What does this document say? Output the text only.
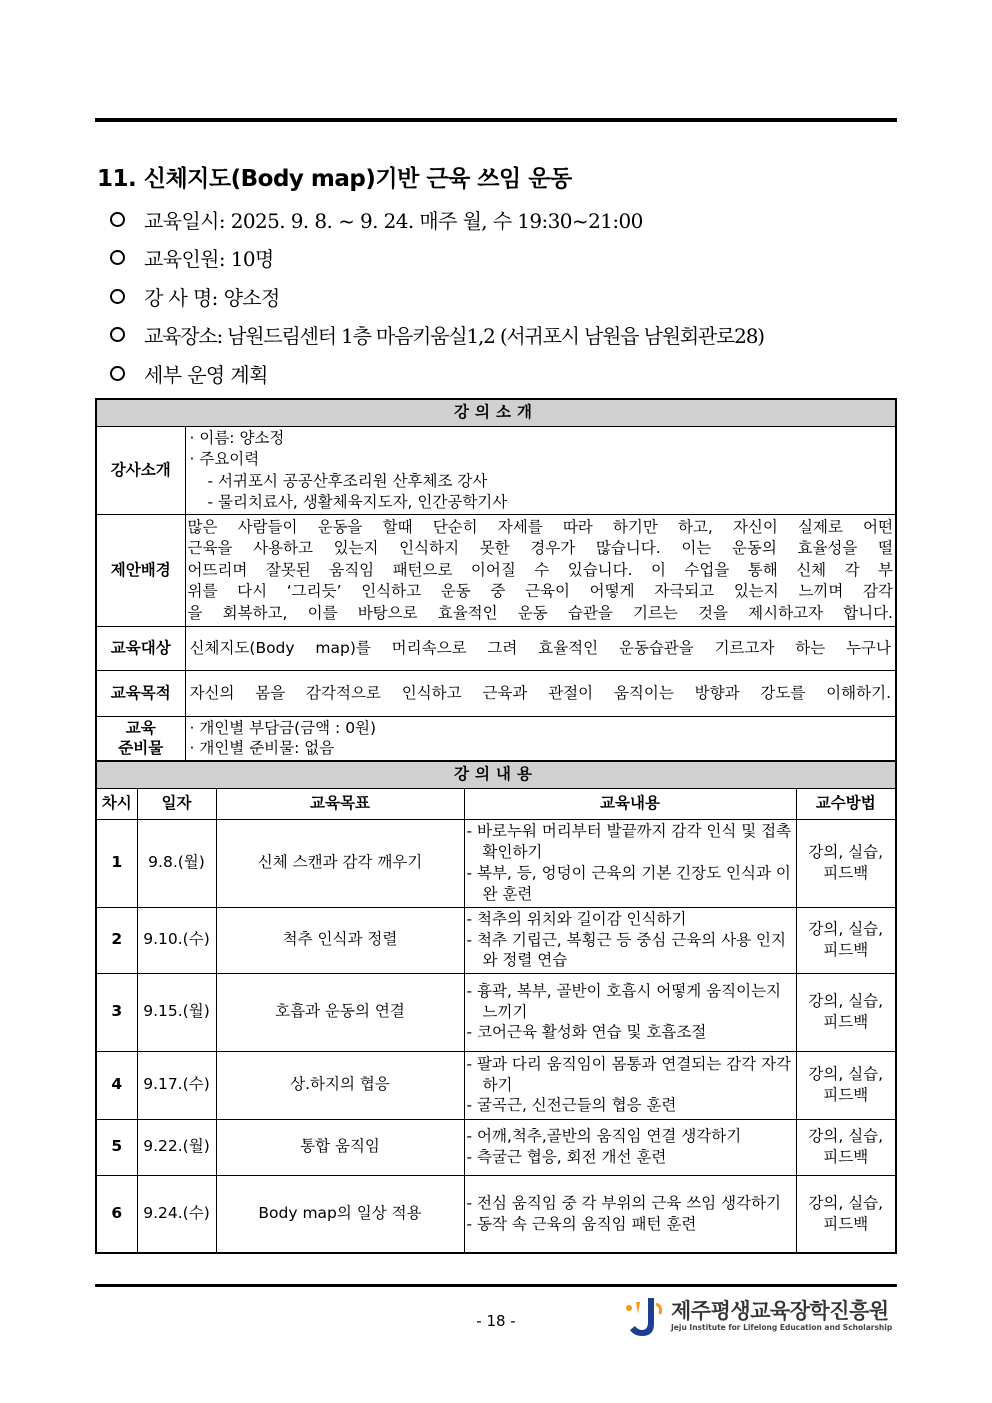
11. 신체지도(Body map)기반 근육 쓰임 운동
교육일시: 2025. 9. 8. ~ 9. 24. 매주 월, 수 19:30~21:00
교육인원: 10명
강 사 명: 양소정
교육장소: 남원드림센터 1층 마음키움실1,2 (서귀포시 남원읍 남원회관로28)
세부 운영 계획
강의소개	
강사소개	· 이름: 양소정
· 주요이력
- 서귀포시 공공산후조리원 산후체조 강사
- 물리치료사, 생활체육지도자, 인간공학기사

제안배경	많은 사람들이 운동을 할때 단순히 자세를 따라 하기만 하고, 자신이 실제로 어떤
근육을 사용하고 있는지 인식하지 못한 경우가 많습니다. 이는 운동의 효율성을 떨
어뜨리며 잘못된 움직임 패턴으로 이어질 수 있습니다. 이 수업을 통해 신체 각 부
위를 다시 ‘그리듯’ 인식하고 운동 중 근육이 어떻게 자극되고 있는지 느끼며 감각
을 회복하고, 이를 바탕으로 효율적인 운동 습관을 기르는 것을 제시하고자 합니다.

교육대상	신체지도(Body map)를 머리속으로 그려 효율적인 운동습관을 기르고자 하는 누구나
교육목적	자신의 몸을 감각적으로 인식하고 근육과 관절이 움직이는 방향과 강도를 이해하기.

교육
준비물	· 개인별 부담금(금액 : 0원)
· 개인별 준비물: 없음
- 18 -	제주평생교육장학진흥원
Jeju Institute for Lifelong Education and Scholarship
강의내용				
차시	일자	교육목표	교육내용	교수방법
1	9.8.(월)	신체 스캔과 감각 깨우기	- 바로누워 머리부터 발끝까지 감각 인식 및 접촉 확인하기
- 복부, 등, 엉덩이 근육의 기본 긴장도 인식과 이완 훈련	강의, 실습,
피드백

2	9.10.(수)	척추 인식과 정렬	- 척추의 위치와 길이감 인식하기
- 척추 기립근, 복횡근 등 중심 근육의 사용 인지와 정렬 연습	강의, 실습,
피드백

3	9.15.(월)	호흡과 운동의 연결	- 흉곽, 복부, 골반이 호흡시 어떻게 움직이는지 느끼기
- 코어근육 활성화 연습 및 호흡조절	강의, 실습,
피드백

4	9.17.(수)	상.하지의 협응	- 팔과 다리 움직임이 몸통과 연결되는 감각 자각하기
- 굴곡근, 신전근들의 협응 훈련	강의, 실습,
피드백

5	9.22.(월)	통합 움직임	- 어깨,척추,골반의 움직임 연결 생각하기
- 측굴근 협응, 회전 개선 훈련	강의, 실습,
피드백

6	9.24.(수)	Body map의 일상 적용	- 전심 움직임 중 각 부위의 근육 쓰임 생각하기
- 동작 속 근육의 움직임 패턴 훈련	강의, 실습,
피드백
